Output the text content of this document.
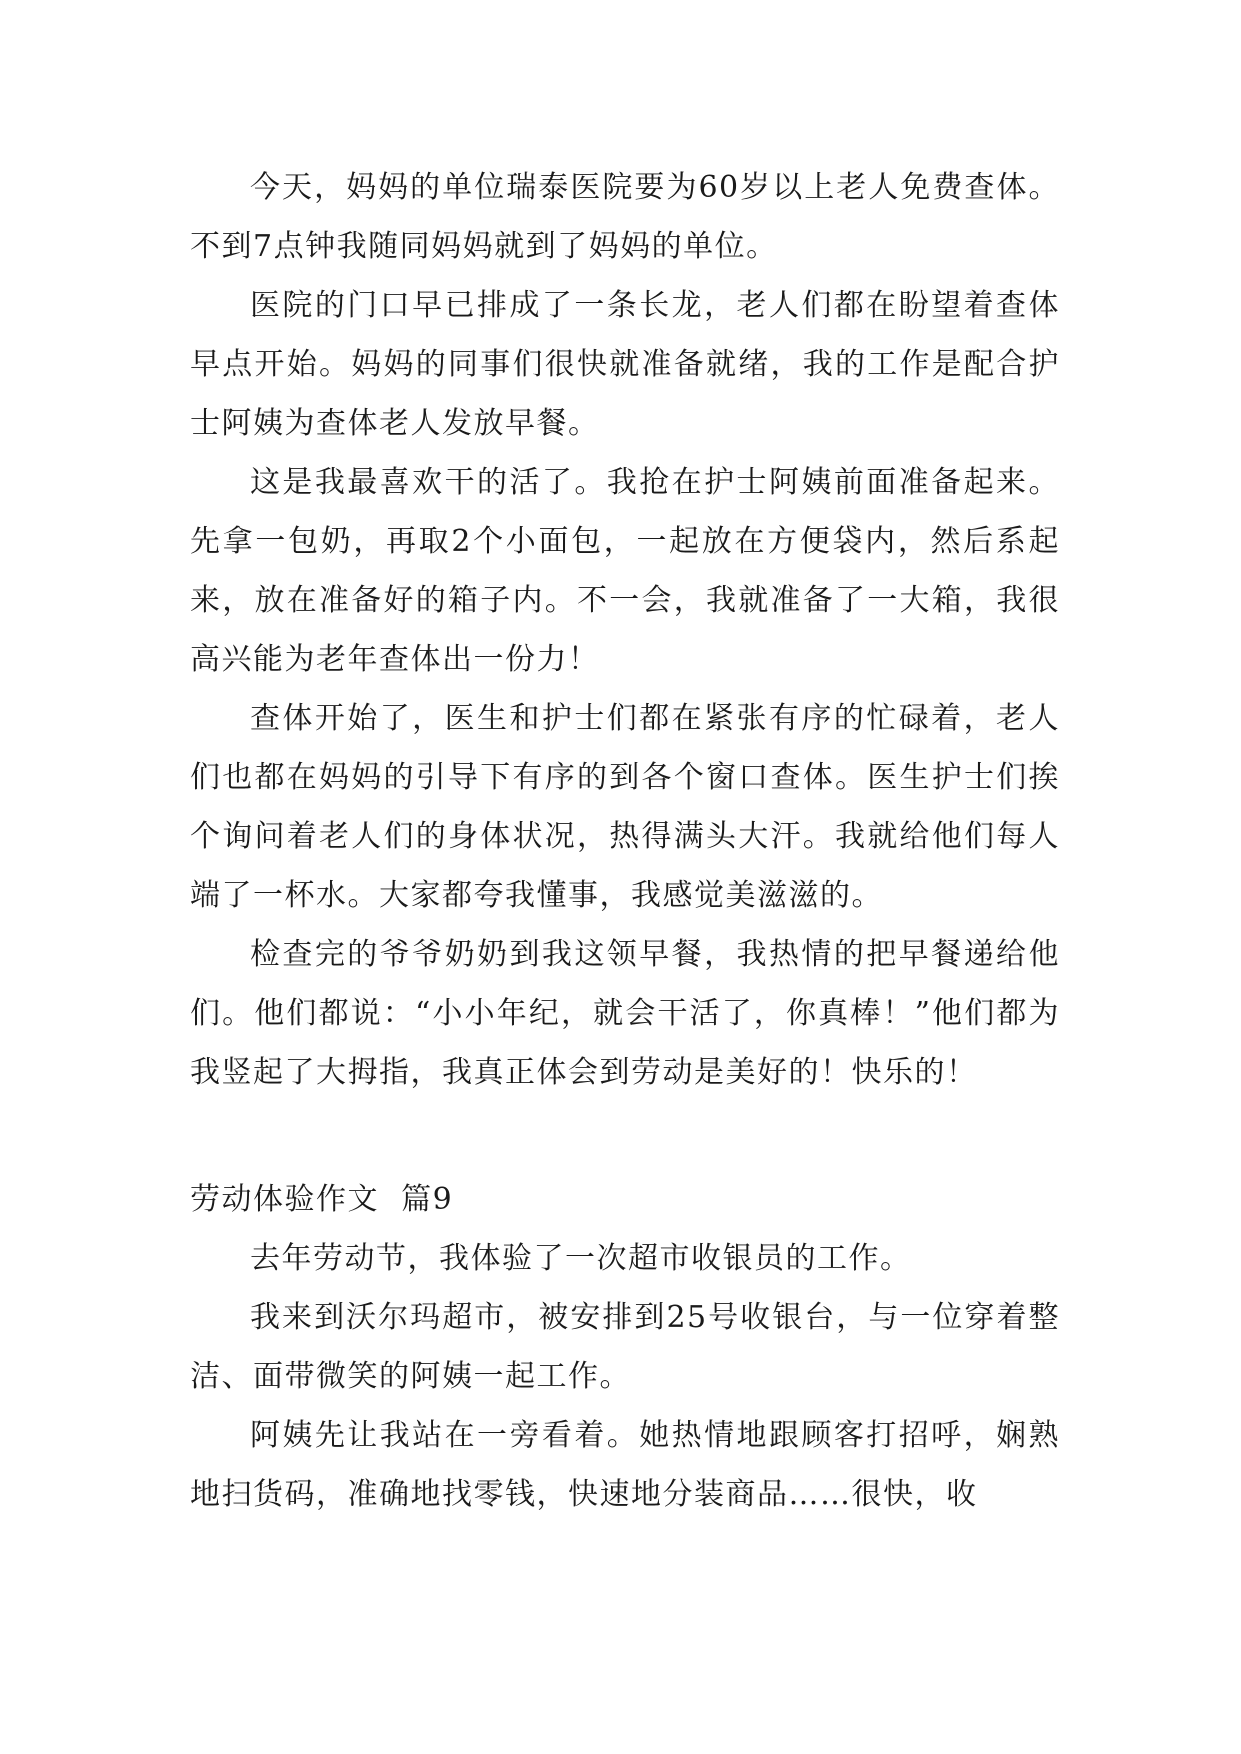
今天，妈妈的单位瑞泰医院要为60岁以上老人免费查体。不到7点钟我随同妈妈就到了妈妈的单位。

医院的门口早已排成了一条长龙，老人们都在盼望着查体早点开始。妈妈的同事们很快就准备就绪，我的工作是配合护士阿姨为查体老人发放早餐。

这是我最喜欢干的活了。我抢在护士阿姨前面准备起来。先拿一包奶，再取2个小面包，一起放在方便袋内，然后系起来，放在准备好的箱子内。不一会，我就准备了一大箱，我很高兴能为老年查体出一份力！

查体开始了，医生和护士们都在紧张有序的忙碌着，老人们也都在妈妈的引导下有序的到各个窗口查体。医生护士们挨个询问着老人们的身体状况，热得满头大汗。我就给他们每人端了一杯水。大家都夸我懂事，我感觉美滋滋的。

检查完的爷爷奶奶到我这领早餐，我热情的把早餐递给他们。他们都说：“小小年纪，就会干活了，你真棒！”他们都为我竖起了大拇指，我真正体会到劳动是美好的！快乐的！

劳动体验作文  篇9

去年劳动节，我体验了一次超市收银员的工作。

我来到沃尔玛超市，被安排到25号收银台，与一位穿着整洁、面带微笑的阿姨一起工作。

阿姨先让我站在一旁看着。她热情地跟顾客打招呼，娴熟地扫货码，准确地找零钱，快速地分装商品……很快，收
